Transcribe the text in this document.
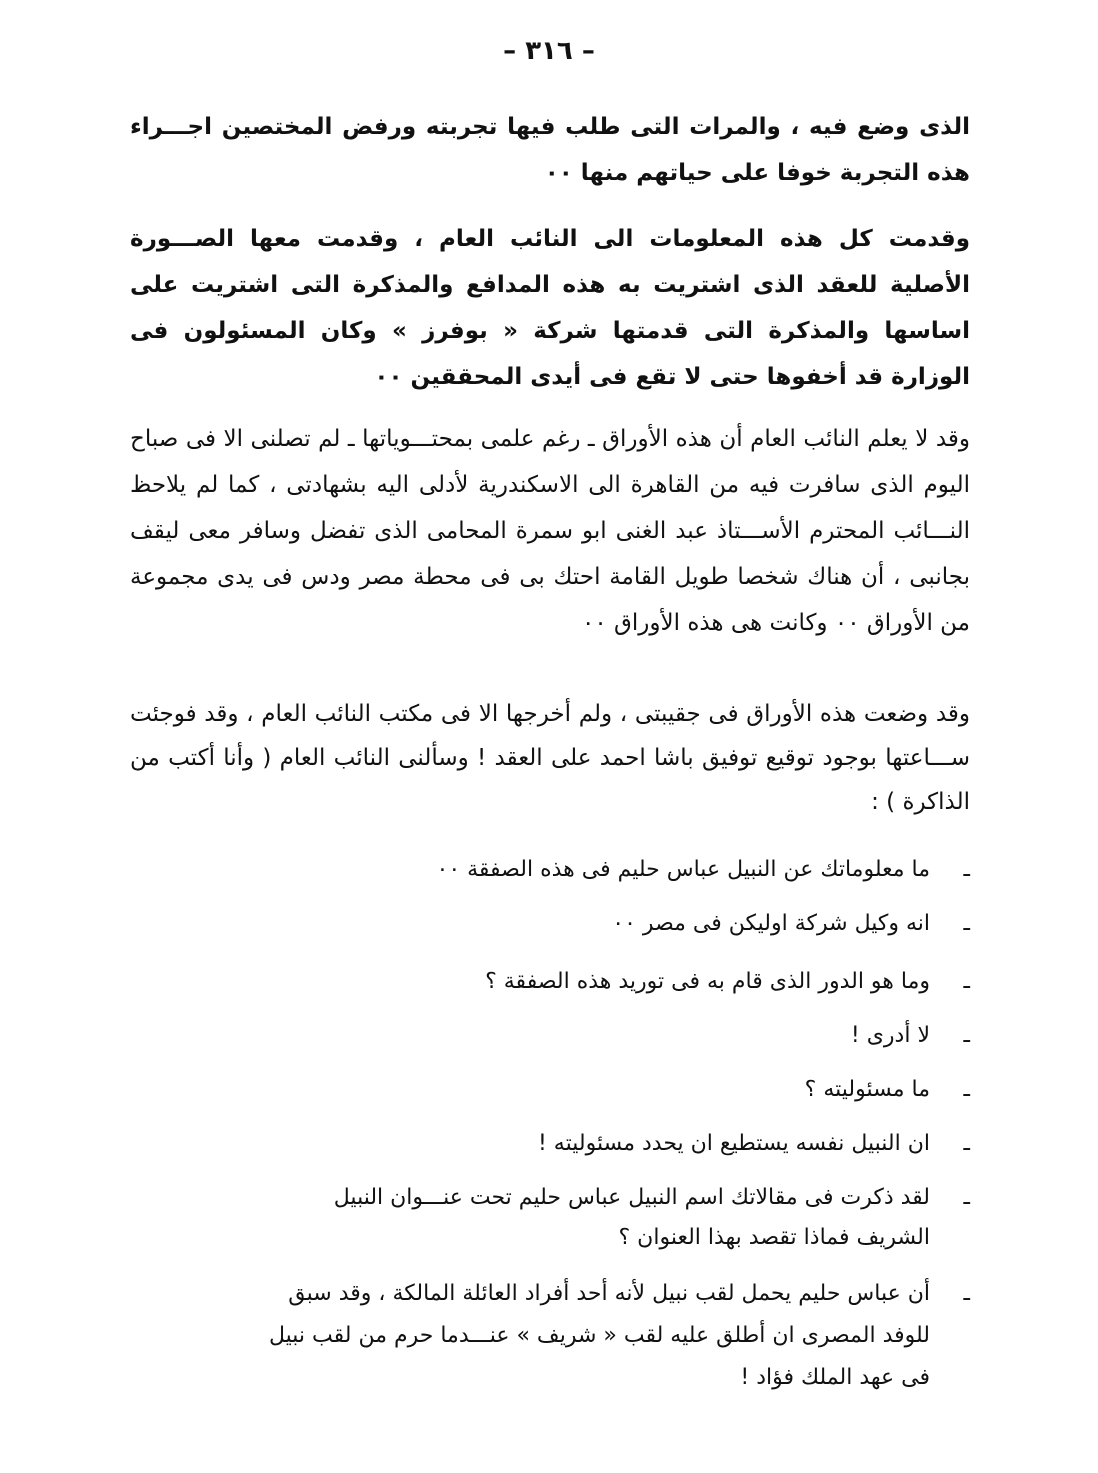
– ٣١٦ –
الذى وضع فيه ، والمرات التى طلب فيها تجربته ورفض المختصين اجـــراء هذه التجربة خوفا على حياتهم منها ٠٠
وقدمت كل هذه المعلومات الى النائب العام ، وقدمت معها الصـــورة الأصلية للعقد الذى اشتريت به هذه المدافع والمذكرة التى اشتريت على اساسها والمذكرة التى قدمتها شركة « بوفرز » وكان المسئولون فى الوزارة قد أخفوها حتى لا تقع فى أيدى المحققين ٠٠
وقد لا يعلم النائب العام أن هذه الأوراق ـ رغم علمى بمحتـــوياتها ـ لم تصلنى الا فى صباح اليوم الذى سافرت فيه من القاهرة الى الاسكندرية لأدلى اليه بشهادتى ، كما لم يلاحظ النـــائب المحترم الأســـتاذ عبد الغنى ابو سمرة المحامى الذى تفضل وسافر معى ليقف بجانبى ، أن هناك شخصا طويل القامة احتك بى فى محطة مصر ودس فى يدى مجموعة من الأوراق ٠٠ وكانت هى هذه الأوراق ٠٠
وقد وضعت هذه الأوراق فى جقيبتى ، ولم أخرجها الا فى مكتب النائب العام ، وقد فوجئت ســـاعتها بوجود توقيع توفيق باشا احمد على العقد ! وسألنى النائب العام ( وأنا أكتب من الذاكرة ) :
ـما معلوماتك عن النبيل عباس حليم فى هذه الصفقة ٠٠
ـانه وكيل شركة اوليكن فى مصر ٠٠
ـوما هو الدور الذى قام به فى توريد هذه الصفقة ؟
ـلا أدرى !
ـما مسئوليته ؟
ـان النبيل نفسه يستطيع ان يحدد مسئوليته !
ـلقد ذكرت فى مقالاتك اسم النبيل عباس حليم تحت عنـــوان النبيل
الشريف فماذا تقصد بهذا العنوان ؟
ـأن عباس حليم يحمل لقب نبيل لأنه أحد أفراد العائلة المالكة ، وقد سبق
للوفد المصرى ان أطلق عليه لقب « شريف » عنـــدما حرم من لقب نبيل
فى عهد الملك فؤاد !
